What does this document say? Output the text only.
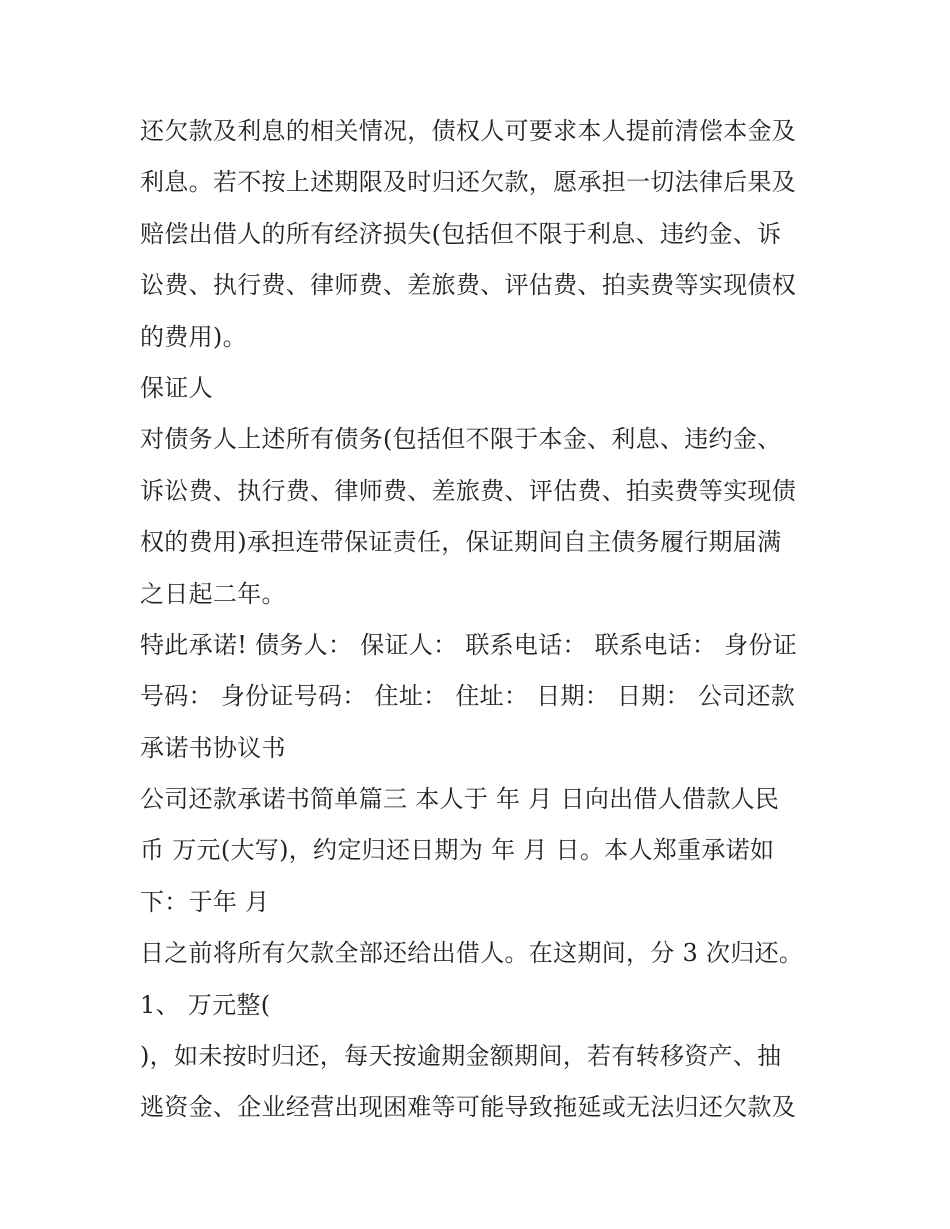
还欠款及利息的相关情况，债权人可要求本人提前清偿本金及
利息。若不按上述期限及时归还欠款，愿承担一切法律后果及
赔偿出借人的所有经济损失(包括但不限于利息、违约金、诉
讼费、执行费、律师费、差旅费、评估费、拍卖费等实现债权
的费用)。
保证人
对债务人上述所有债务(包括但不限于本金、利息、违约金、
诉讼费、执行费、律师费、差旅费、评估费、拍卖费等实现债
权的费用)承担连带保证责任，保证期间自主债务履行期届满
之日起二年。
特此承诺! 债务人： 保证人： 联系电话： 联系电话： 身份证
号码： 身份证号码： 住址： 住址： 日期： 日期： 公司还款
承诺书协议书
公司还款承诺书简单篇三 本人于 年 月 日向出借人借款人民
币 万元(大写)，约定归还日期为 年 月 日。本人郑重承诺如
下：于年 月
日之前将所有欠款全部还给出借人。在这期间，分 3 次归还。
1、 万元整(
)，如未按时归还，每天按逾期金额期间，若有转移资产、抽
逃资金、企业经营出现困难等可能导致拖延或无法归还欠款及
